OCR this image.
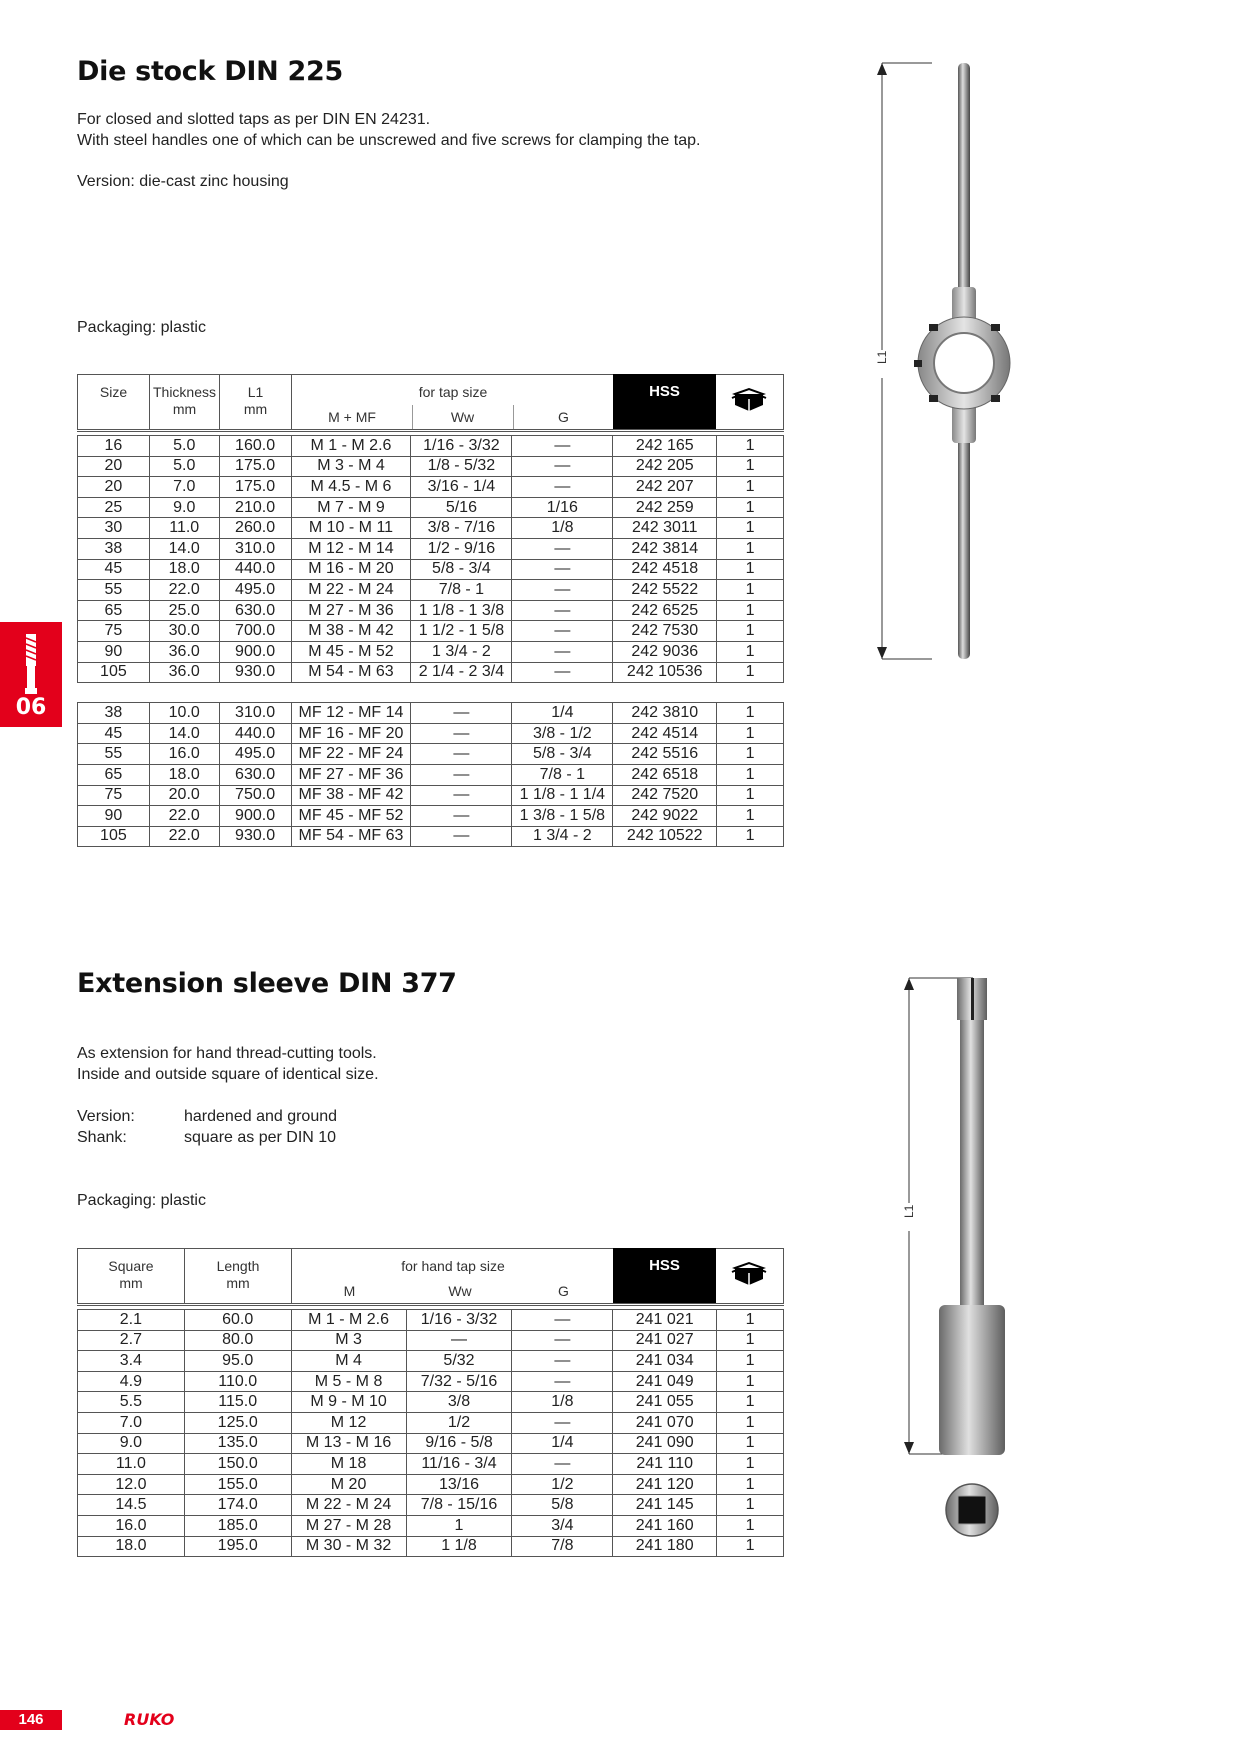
Die stock DIN 225
For closed and slotted taps as per DIN EN 24231.
With steel handles one of which can be unscrewed and five screws for clamping the tap.
Version: die-cast zinc housing
Packaging: plastic
Size	Thickness
mm
L1
mm
for tap size
M + MF	Ww	G
HSS
16	5.0	160.0	M 1 - M 2.6	1/16 - 3/32	—	242 165	1
20	5.0	175.0	M 3 - M 4	1/8 - 5/32	—	242 205	1
20	7.0	175.0	M 4.5 - M 6	3/16 - 1/4	—	242 207	1
25	9.0	210.0	M 7 - M 9	5/16	1/16	242 259	1
30	11.0	260.0	M 10 - M 11	3/8 - 7/16	1/8	242 3011	1
38	14.0	310.0	M 12 - M 14	1/2 - 9/16	—	242 3814	1
45	18.0	440.0	M 16 - M 20	5/8 - 3/4	—	242 4518	1
55	22.0	495.0	M 22 - M 24	7/8 - 1	—	242 5522	1
65	25.0	630.0	M 27 - M 36	1 1/8 - 1 3/8	—	242 6525	1
75	30.0	700.0	M 38 - M 42	1 1/2 - 1 5/8	—	242 7530	1
90	36.0	900.0	M 45 - M 52	1 3/4 - 2	—	242 9036	1
105	36.0	930.0	M 54 - M 63	2 1/4 - 2 3/4	—	242 10536	1

38	10.0	310.0	MF 12 - MF 14	—	1/4	242 3810	1
45	14.0	440.0	MF 16 - MF 20	—	3/8 - 1/2	242 4514	1
55	16.0	495.0	MF 22 - MF 24	—	5/8 - 3/4	242 5516	1
65	18.0	630.0	MF 27 - MF 36	—	7/8 - 1	242 6518	1
75	20.0	750.0	MF 38 - MF 42	—	1 1/8 - 1 1/4	242 7520	1
90	22.0	900.0	MF 45 - MF 52	—	1 3/8 - 1 5/8	242 9022	1
105	22.0	930.0	MF 54 - MF 63	—	1 3/4 - 2	242 10522	1
L1
06
Extension sleeve DIN 377
As extension for hand thread-cutting tools.
Inside and outside square of identical size.
Version:	hardened and ground
Shank:	square as per DIN 10
Packaging: plastic
Square
mm
Length
mm
for hand tap size
M	Ww	G
HSS
2.1	60.0	M 1 - M 2.6	1/16 - 3/32	—	241 021	1
2.7	80.0	M 3	—	—	241 027	1
3.4	95.0	M 4	5/32	—	241 034	1
4.9	110.0	M 5 - M 8	7/32 - 5/16	—	241 049	1
5.5	115.0	M 9 - M 10	3/8	1/8	241 055	1
7.0	125.0	M 12	1/2	—	241 070	1
9.0	135.0	M 13 - M 16	9/16 - 5/8	1/4	241 090	1
11.0	150.0	M 18	11/16 - 3/4	—	241 110	1
12.0	155.0	M 20	13/16	1/2	241 120	1
14.5	174.0	M 22 - M 24	7/8 - 15/16	5/8	241 145	1
16.0	185.0	M 27 - M 28	1	3/4	241 160	1
18.0	195.0	M 30 - M 32	1 1/8	7/8	241 180	1
L1
146	RUKO
